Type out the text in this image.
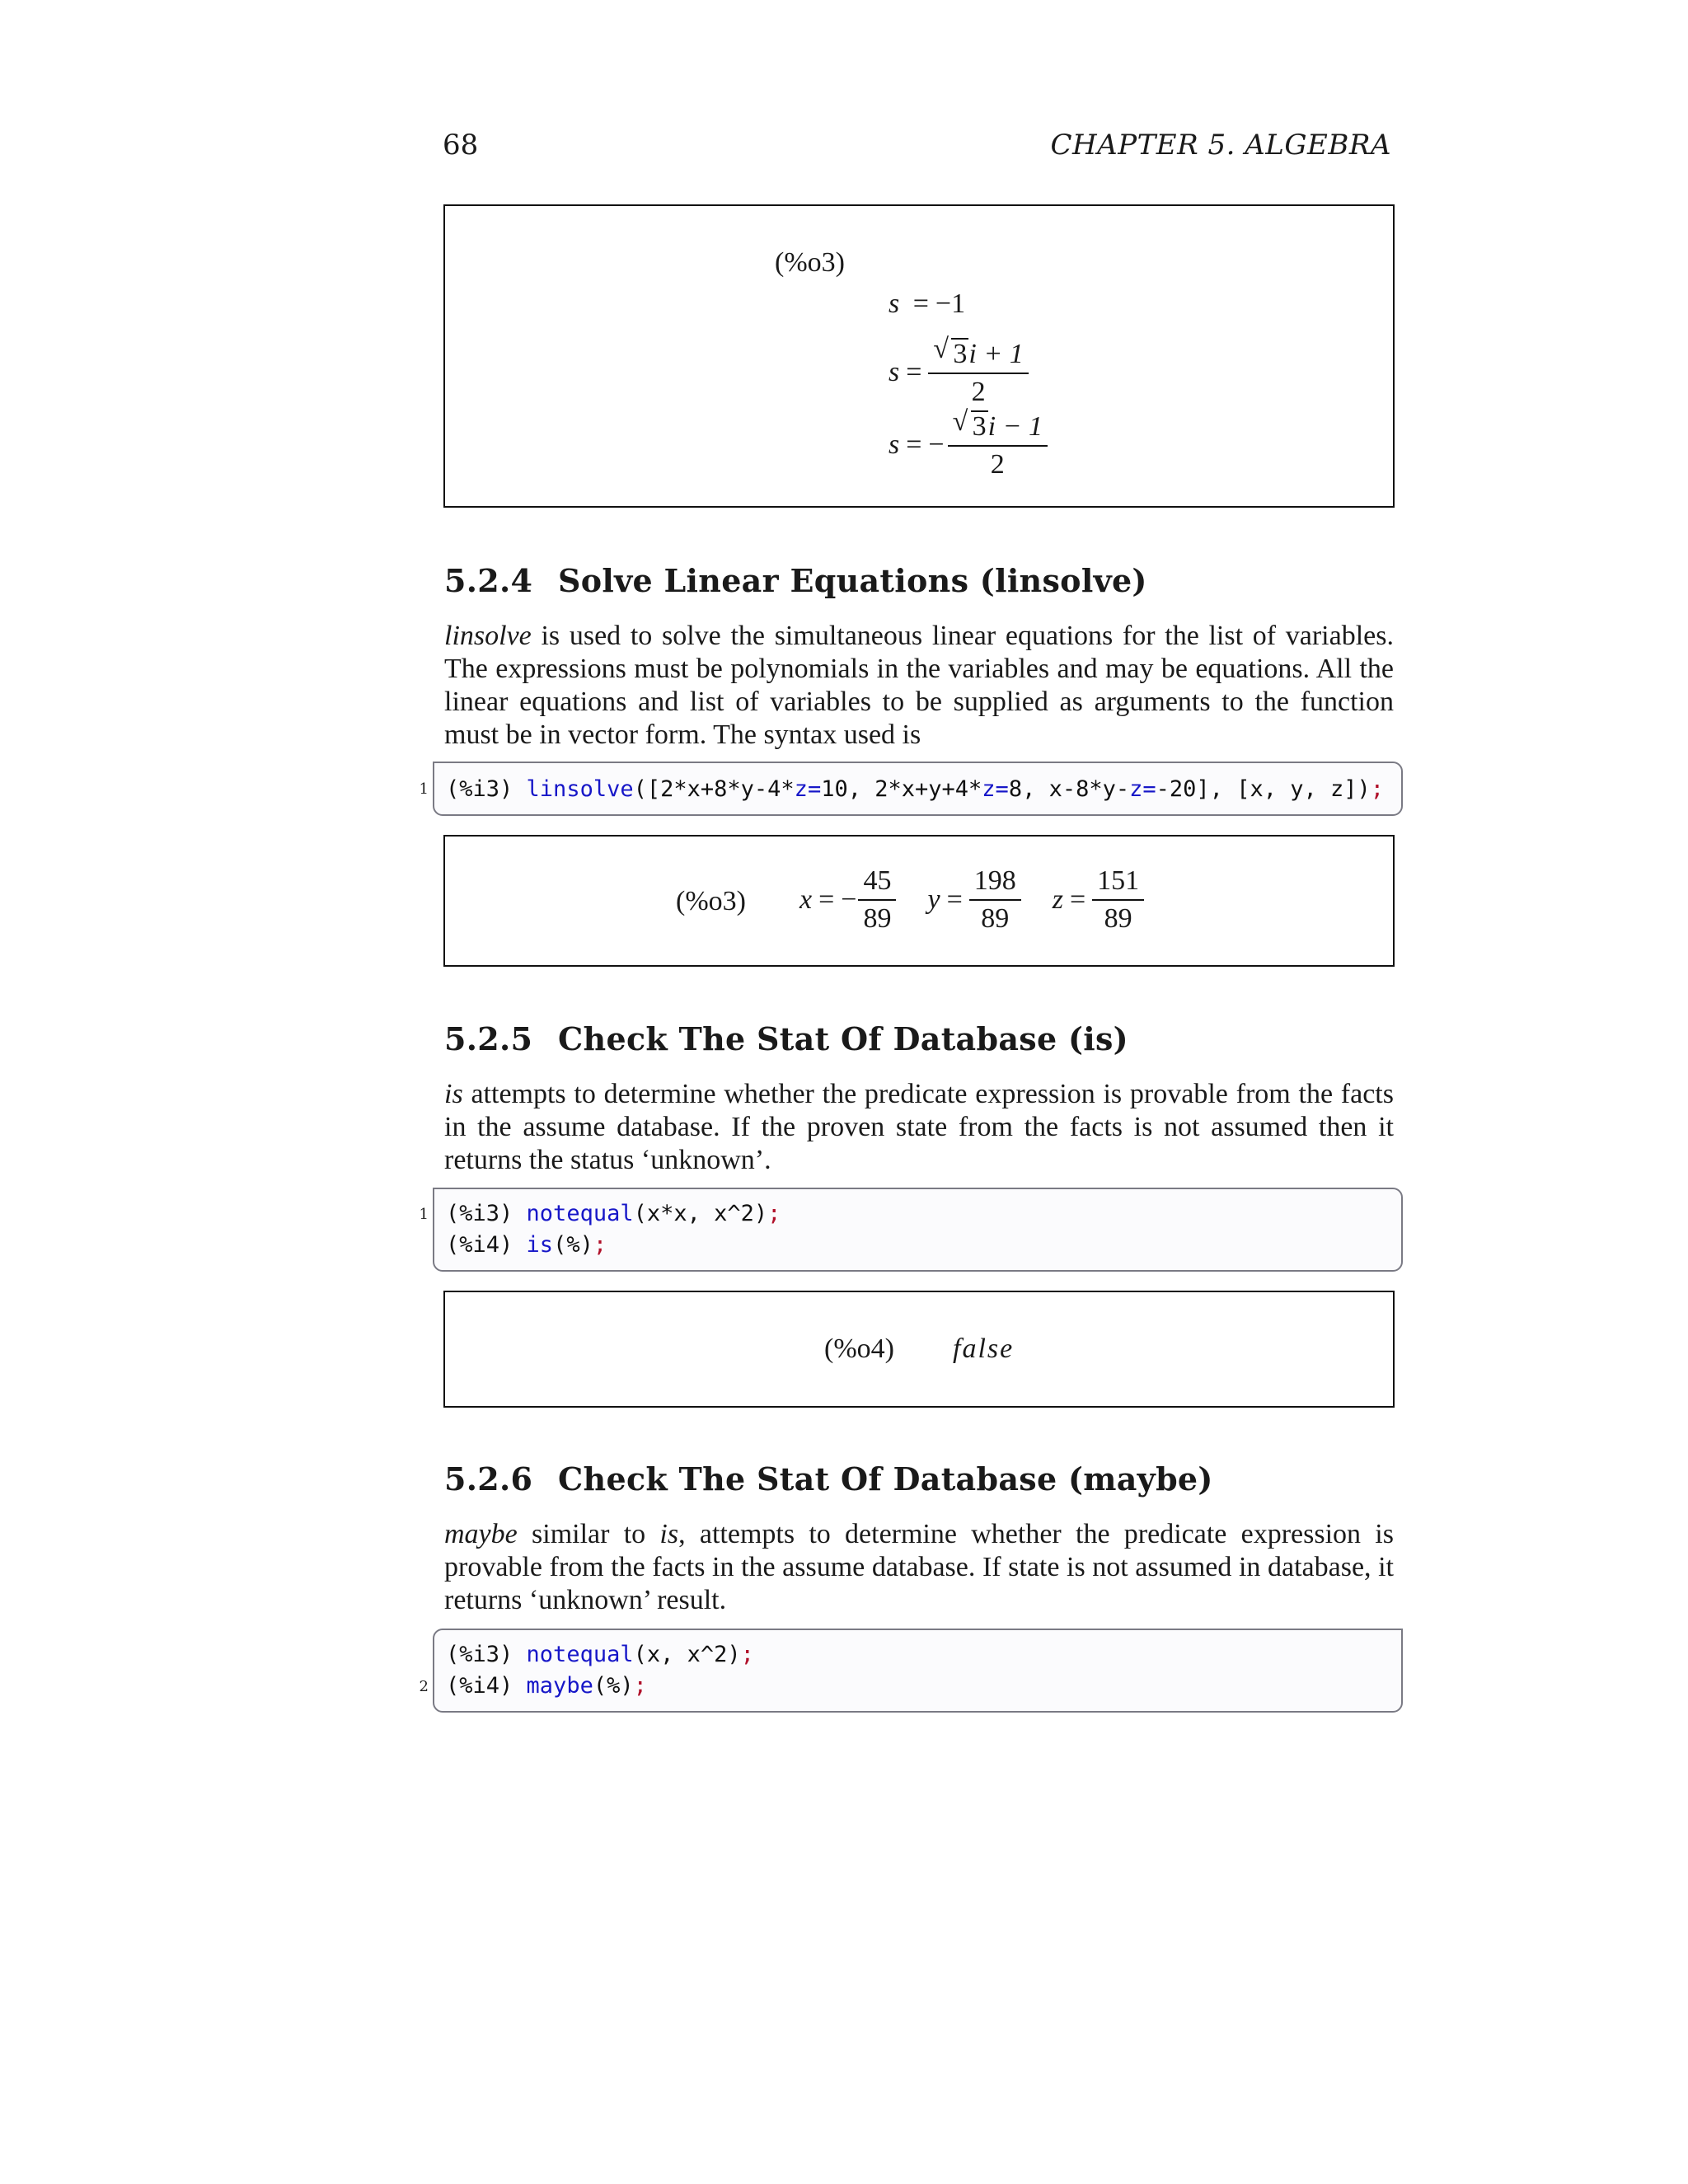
68	CHAPTER 5. ALGEBRA
(%o3)
s = −1
$s = \frac{√ 3i + 1}{2}$
s = − $\frac{√ 3i - 1}{2}$
5.2.4 Solve Linear Equations (linsolve)
linsolve is used to solve the simultaneous linear equations for the list of variables. The expressions must be polynomials in the variables and may be equations. All the linear equations and list of variables to be supplied as arguments to the function must be in vector form. The syntax used is
1 (%i3) linsolve([2*x+8*y-4*z=10, 2*x+y+4*z=8, x-8*y-z=-20], [x, y, z]);
(%o3) x = − $\frac{45}{89}$	$y = \frac{198}{89}$	$z = \frac{151}{89}$
5.2.5 Check The Stat Of Database (is)
is attempts to determine whether the predicate expression is provable from the facts in the assume database. If the proven state from the facts is not assumed then it returns the status ‘unknown’.
1 (%i3) notequal(x*x, x^2);
(%i4) is(%);
(%o4) false
5.2.6 Check The Stat Of Database (maybe)
maybe similar to is, attempts to determine whether the predicate expression is provable from the facts in the assume database. If state is not assumed in database, it returns ‘unknown’ result.
2
(%i3) notequal(x, x^2);
(%i4) maybe(%);
